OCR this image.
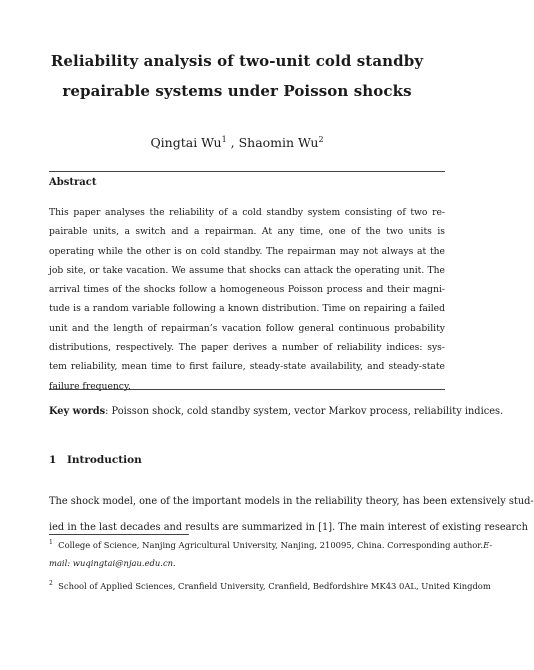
Reliability analysis of two-unit cold standby
repairable systems under Poisson shocks
Qingtai Wu$^1$ , Shaomin Wu$^2$
Abstract
This paper analyses the reliability of a cold standby system consisting of two re-
pairable units, a switch and a repairman. At any time, one of the two units is
operating while the other is on cold standby. The repairman may not always at the
job site, or take vacation. We assume that shocks can attack the operating unit. The
arrival times of the shocks follow a homogeneous Poisson process and their magni-
tude is a random variable following a known distribution. Time on repairing a failed
unit and the length of repairman’s vacation follow general continuous probability
distributions, respectively. The paper derives a number of reliability indices: sys-
tem reliability, mean time to first failure, steady-state availability, and steady-state
failure frequency.
Key words: Poisson shock, cold standby system, vector Markov process, reliability indices.
1 Introduction
The shock model, one of the important models in the reliability theory, has been extensively stud-
ied in the last decades and results are summarized in [1]. The main interest of existing research
$^1$ College of Science, Nanjing Agricultural University, Nanjing, 210095, China. Corresponding author.E-
mail: wuqingtai@njau.edu.cn.
$^2$ School of Applied Sciences, Cranfield University, Cranfield, Bedfordshire MK43 0AL, United Kingdom
